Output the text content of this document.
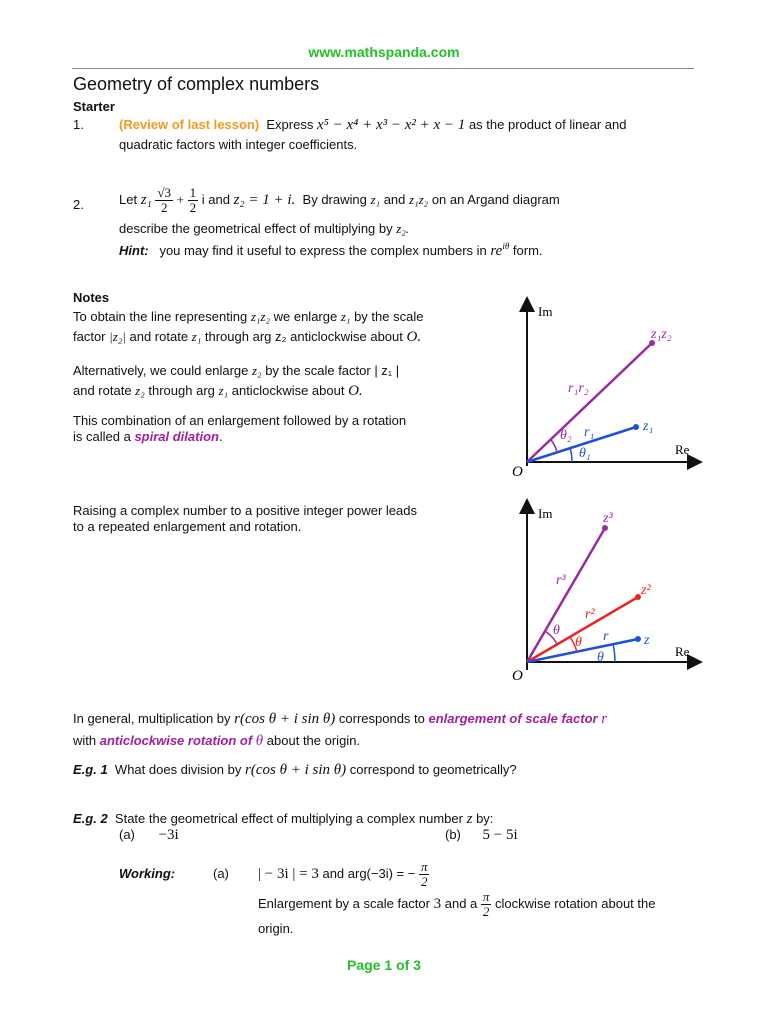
www.mathspanda.com
Geometry of complex numbers
Starter
1.	(Review of last lesson) Express x⁵ − x⁴ + x³ − x² + x − 1 as the product of linear and
quadratic factors with integer coefficients.
2.	Let $z_1 \frac{√3}{2} + \frac{1}{2}$ i and z₂ = 1 + i. By drawing z₁ and z₁z₂ on an Argand diagram
describe the geometrical effect of multiplying by z₂.
Hint: you may find it useful to express the complex numbers in $re^{i\theta}$ form.
Notes
To obtain the line representing z₁z₂ we enlarge z₁ by the scale
factor |z₂| and rotate z₁ through arg z₂ anticlockwise about O.
Alternatively, we could enlarge z₂ by the scale factor | z₁ |
and rotate z₂ through arg z₁ anticlockwise about O.
This combination of an enlargement followed by a rotation
is called a spiral dilation.
Raising a complex number to a positive integer power leads
to a repeated enlargement and rotation.
Im
Re
O
z₁z₂
r₁r₂
z₁
r₁
θ₁
θ₂
Im
Re
O
z³
r³
z²
r²
z
r
θ
θ
θ
In general, multiplication by r(cos θ + i sin θ) corresponds to enlargement of scale factor r
with anticlockwise rotation of θ about the origin.
E.g. 1 What does division by r(cos θ + i sin θ) correspond to geometrically?
E.g. 2 State the geometrical effect of multiplying a complex number z by:
(a) −3i	(b) 5 − 5i
Working:	(a) | − 3i | = 3 and arg(−3i) = − $\frac{\pi}{2}$
Enlargement by a scale factor 3 and a $\frac{\pi}{2}$ clockwise rotation about the
origin.
Page 1 of 3
